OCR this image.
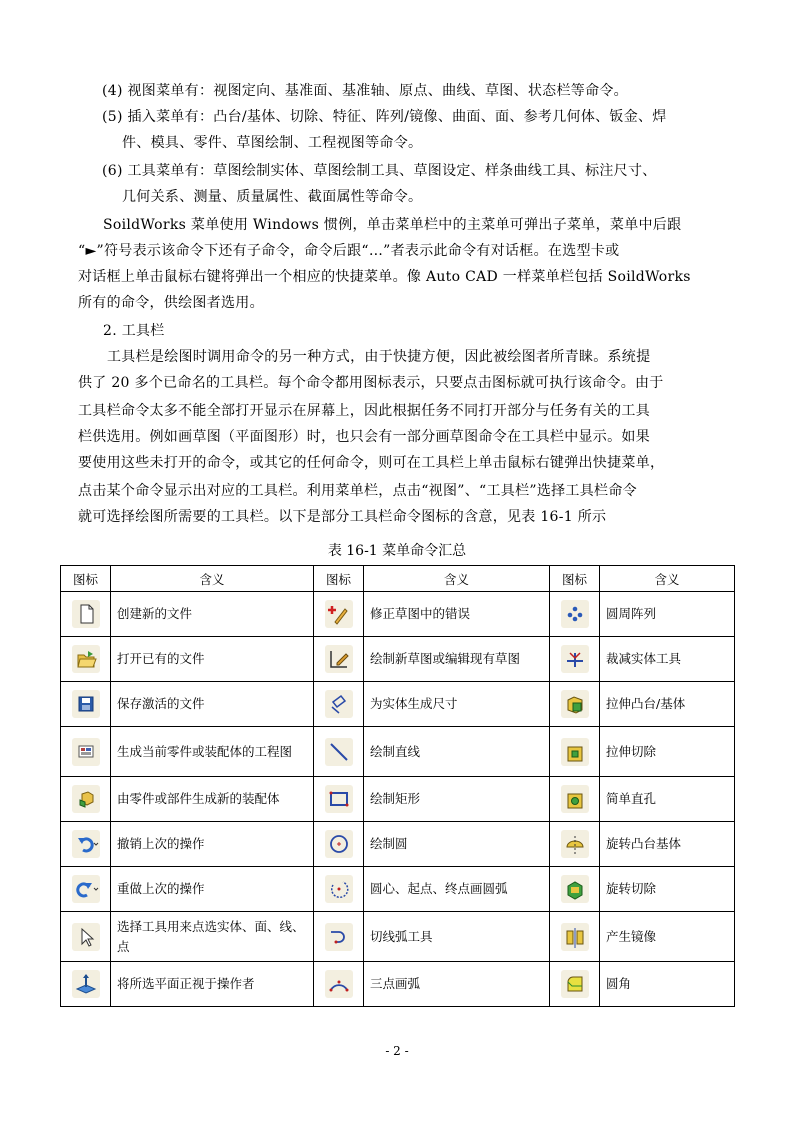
(4) 视图菜单有：视图定向、基准面、基准轴、原点、曲线、草图、状态栏等命令。
(5) 插入菜单有：凸台/基体、切除、特征、阵列/镜像、曲面、面、参考几何体、钣金、焊
件、模具、零件、草图绘制、工程视图等命令。
(6) 工具菜单有：草图绘制实体、草图绘制工具、草图设定、样条曲线工具、标注尺寸、
几何关系、测量、质量属性、截面属性等命令。
SoildWorks 菜单使用 Windows 惯例，单击菜单栏中的主菜单可弹出子菜单，菜单中后跟
“►”符号表示该命令下还有子命令，命令后跟“…”者表示此命令有对话框。在选型卡或
对话框上单击鼠标右键将弹出一个相应的快捷菜单。像 Auto CAD 一样菜单栏包括 SoildWorks
所有的命令，供绘图者选用。
2. 工具栏
工具栏是绘图时调用命令的另一种方式，由于快捷方便，因此被绘图者所青睐。系统提
供了 20 多个已命名的工具栏。每个命令都用图标表示，只要点击图标就可执行该命令。由于
工具栏命令太多不能全部打开显示在屏幕上，因此根据任务不同打开部分与任务有关的工具
栏供选用。例如画草图（平面图形）时，也只会有一部分画草图命令在工具栏中显示。如果
要使用这些未打开的命令，或其它的任何命令，则可在工具栏上单击鼠标右键弹出快捷菜单，
点击某个命令显示出对应的工具栏。利用菜单栏，点击“视图”、“工具栏”选择工具栏命令
就可选择绘图所需要的工具栏。以下是部分工具栏命令图标的含意，见表 16-1 所示
表 16-1 菜单命令汇总
图标	含义	图标	含义	图标	含义

	创建新的文件		修正草图中的错误		圆周阵列

	打开已有的文件		绘制新草图或编辑现有草图		裁减实体工具

	保存激活的文件		为实体生成尺寸		拉伸凸台/基体

	生成当前零件或装配体的工程图		绘制直线		拉伸切除

	由零件或部件生成新的装配体		绘制矩形		简单直孔

	撤销上次的操作		绘制圆		旋转凸台基体

	重做上次的操作		圆心、起点、终点画圆弧		旋转切除

	选择工具用来点选实体、面、线、点		切线弧工具		产生镜像

	将所选平面正视于操作者		三点画弧		圆角
- 2 -
